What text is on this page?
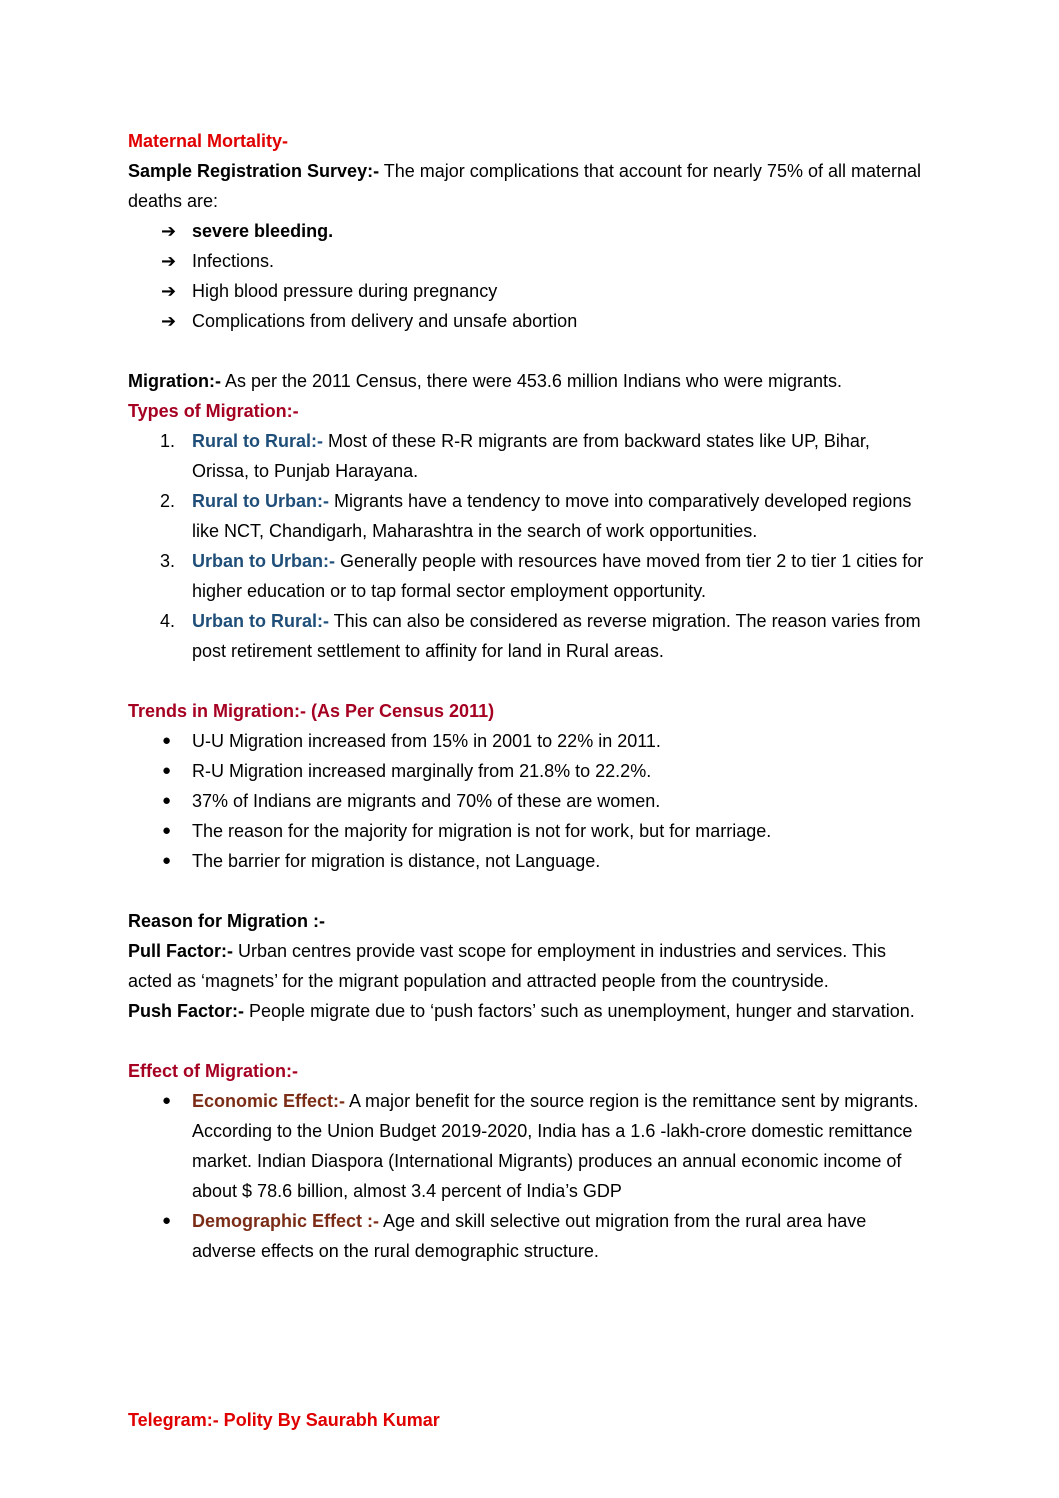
Maternal Mortality-

Sample Registration Survey:- The major complications that account for nearly 75% of all maternal deaths are:

➔ severe bleeding.
➔ Infections.
➔ High blood pressure during pregnancy
➔ Complications from delivery and unsafe abortion

Migration:- As per the 2011 Census, there were 453.6 million Indians who were migrants.

Types of Migration:-

1. Rural to Rural:- Most of these R-R migrants are from backward states like UP, Bihar, Orissa, to Punjab Harayana.
2. Rural to Urban:- Migrants have a tendency to move into comparatively developed regions like NCT, Chandigarh, Maharashtra in the search of work opportunities.
3. Urban to Urban:- Generally people with resources have moved from tier 2 to tier 1 cities for higher education or to tap formal sector employment opportunity.
4. Urban to Rural:- This can also be considered as reverse migration. The reason varies from post retirement settlement to affinity for land in Rural areas.

Trends in Migration:- (As Per Census 2011)

● U-U Migration increased from 15% in 2001 to 22% in 2011.
● R-U Migration increased marginally from 21.8% to 22.2%.
● 37% of Indians are migrants and 70% of these are women.
● The reason for the majority for migration is not for work, but for marriage.
● The barrier for migration is distance, not Language.

Reason for Migration :-

Pull Factor:- Urban centres provide vast scope for employment in industries and services. This acted as ‘magnets’ for the migrant population and attracted people from the countryside.

Push Factor:- People migrate due to ‘push factors’ such as unemployment, hunger and starvation.

Effect of Migration:-

● Economic Effect:- A major benefit for the source region is the remittance sent by migrants. According to the Union Budget 2019-2020, India has a 1.6 -lakh-crore domestic remittance market. Indian Diaspora (International Migrants) produces an annual economic income of about $ 78.6 billion, almost 3.4 percent of India’s GDP
● Demographic Effect :- Age and skill selective out migration from the rural area have adverse effects on the rural demographic structure.
Telegram:- Polity By Saurabh Kumar
